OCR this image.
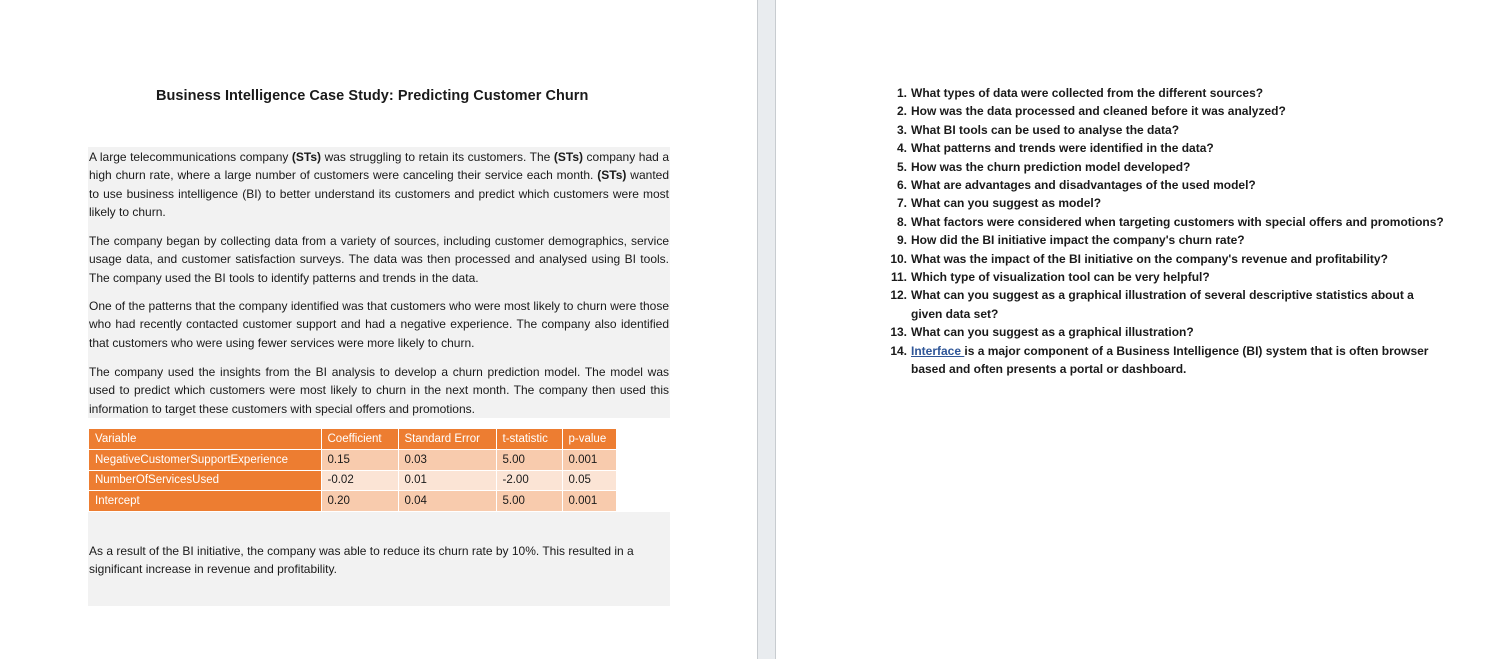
Business Intelligence Case Study: Predicting Customer Churn
A large telecommunications company (STs) was struggling to retain its customers. The (STs) company had a high churn rate, where a large number of customers were canceling their service each month. (STs) wanted to use business intelligence (BI) to better understand its customers and predict which customers were most likely to churn.
The company began by collecting data from a variety of sources, including customer demographics, service usage data, and customer satisfaction surveys. The data was then processed and analysed using BI tools. The company used the BI tools to identify patterns and trends in the data.
One of the patterns that the company identified was that customers who were most likely to churn were those who had recently contacted customer support and had a negative experience. The company also identified that customers who were using fewer services were more likely to churn.
The company used the insights from the BI analysis to develop a churn prediction model. The model was used to predict which customers were most likely to churn in the next month. The company then used this information to target these customers with special offers and promotions.
Variable	Coefficient	Standard Error	t-statistic	p-value
NegativeCustomerSupportExperience	0.15	0.03	5.00	0.001
NumberOfServicesUsed	-0.02	0.01	-2.00	0.05
Intercept	0.20	0.04	5.00	0.001
As a result of the BI initiative, the company was able to reduce its churn rate by 10%. This resulted in a significant increase in revenue and profitability.
1. What types of data were collected from the different sources?
2. How was the data processed and cleaned before it was analyzed?
3. What BI tools can be used to analyse the data?
4. What patterns and trends were identified in the data?
5. How was the churn prediction model developed?
6. What are advantages and disadvantages of the used model?
7. What can you suggest as model?
8. What factors were considered when targeting customers with special offers and promotions?
9. How did the BI initiative impact the company's churn rate?
10. What was the impact of the BI initiative on the company's revenue and profitability?
11. Which type of visualization tool can be very helpful?
12. What can you suggest as a graphical illustration of several descriptive statistics about a given data set?
13. What can you suggest as a graphical illustration?
14. Interface is a major component of a Business Intelligence (BI) system that is often browser based and often presents a portal or dashboard.
